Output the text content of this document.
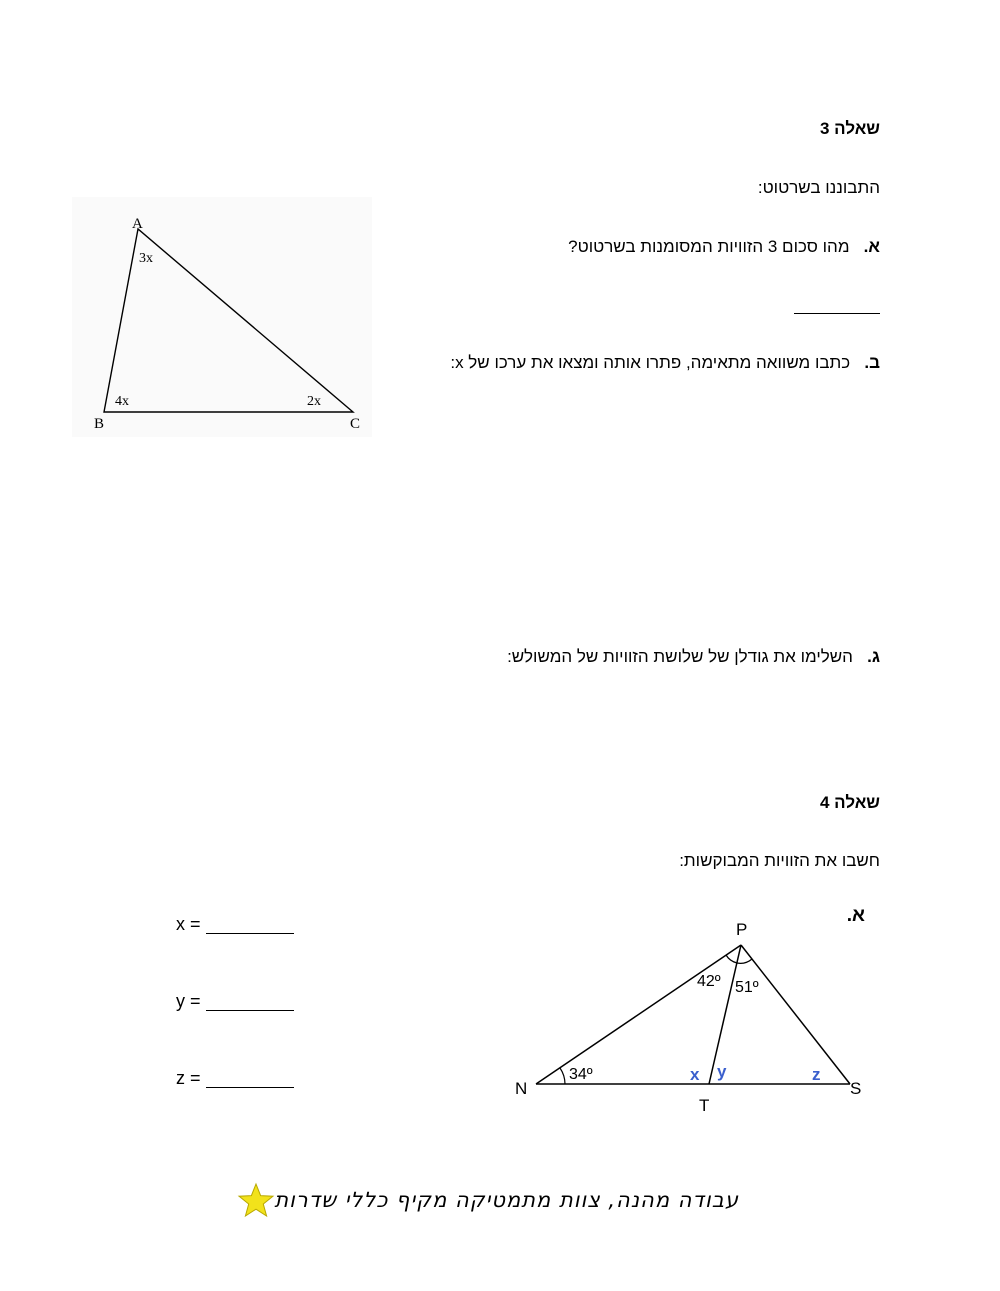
שאלה 3
התבוננו בשרטוט:
א.   מהו סכום 3 הזוויות המסומנות בשרטוט?
ב.   כתבו משוואה מתאימה, פתרו אותה ומצאו את ערכו של x:
ג.   השלימו את גודלן של שלושת הזוויות של המשולש:
A
B	C
3x
4x	2x
שאלה 4
חשבו את הזוויות המבוקשות:
א.
x =
y =
z =
P
N
T
S
34º
42º 51º
x y	z
עבודה מהנה, צוות מתמטיקה מקיף כללי שדרות
